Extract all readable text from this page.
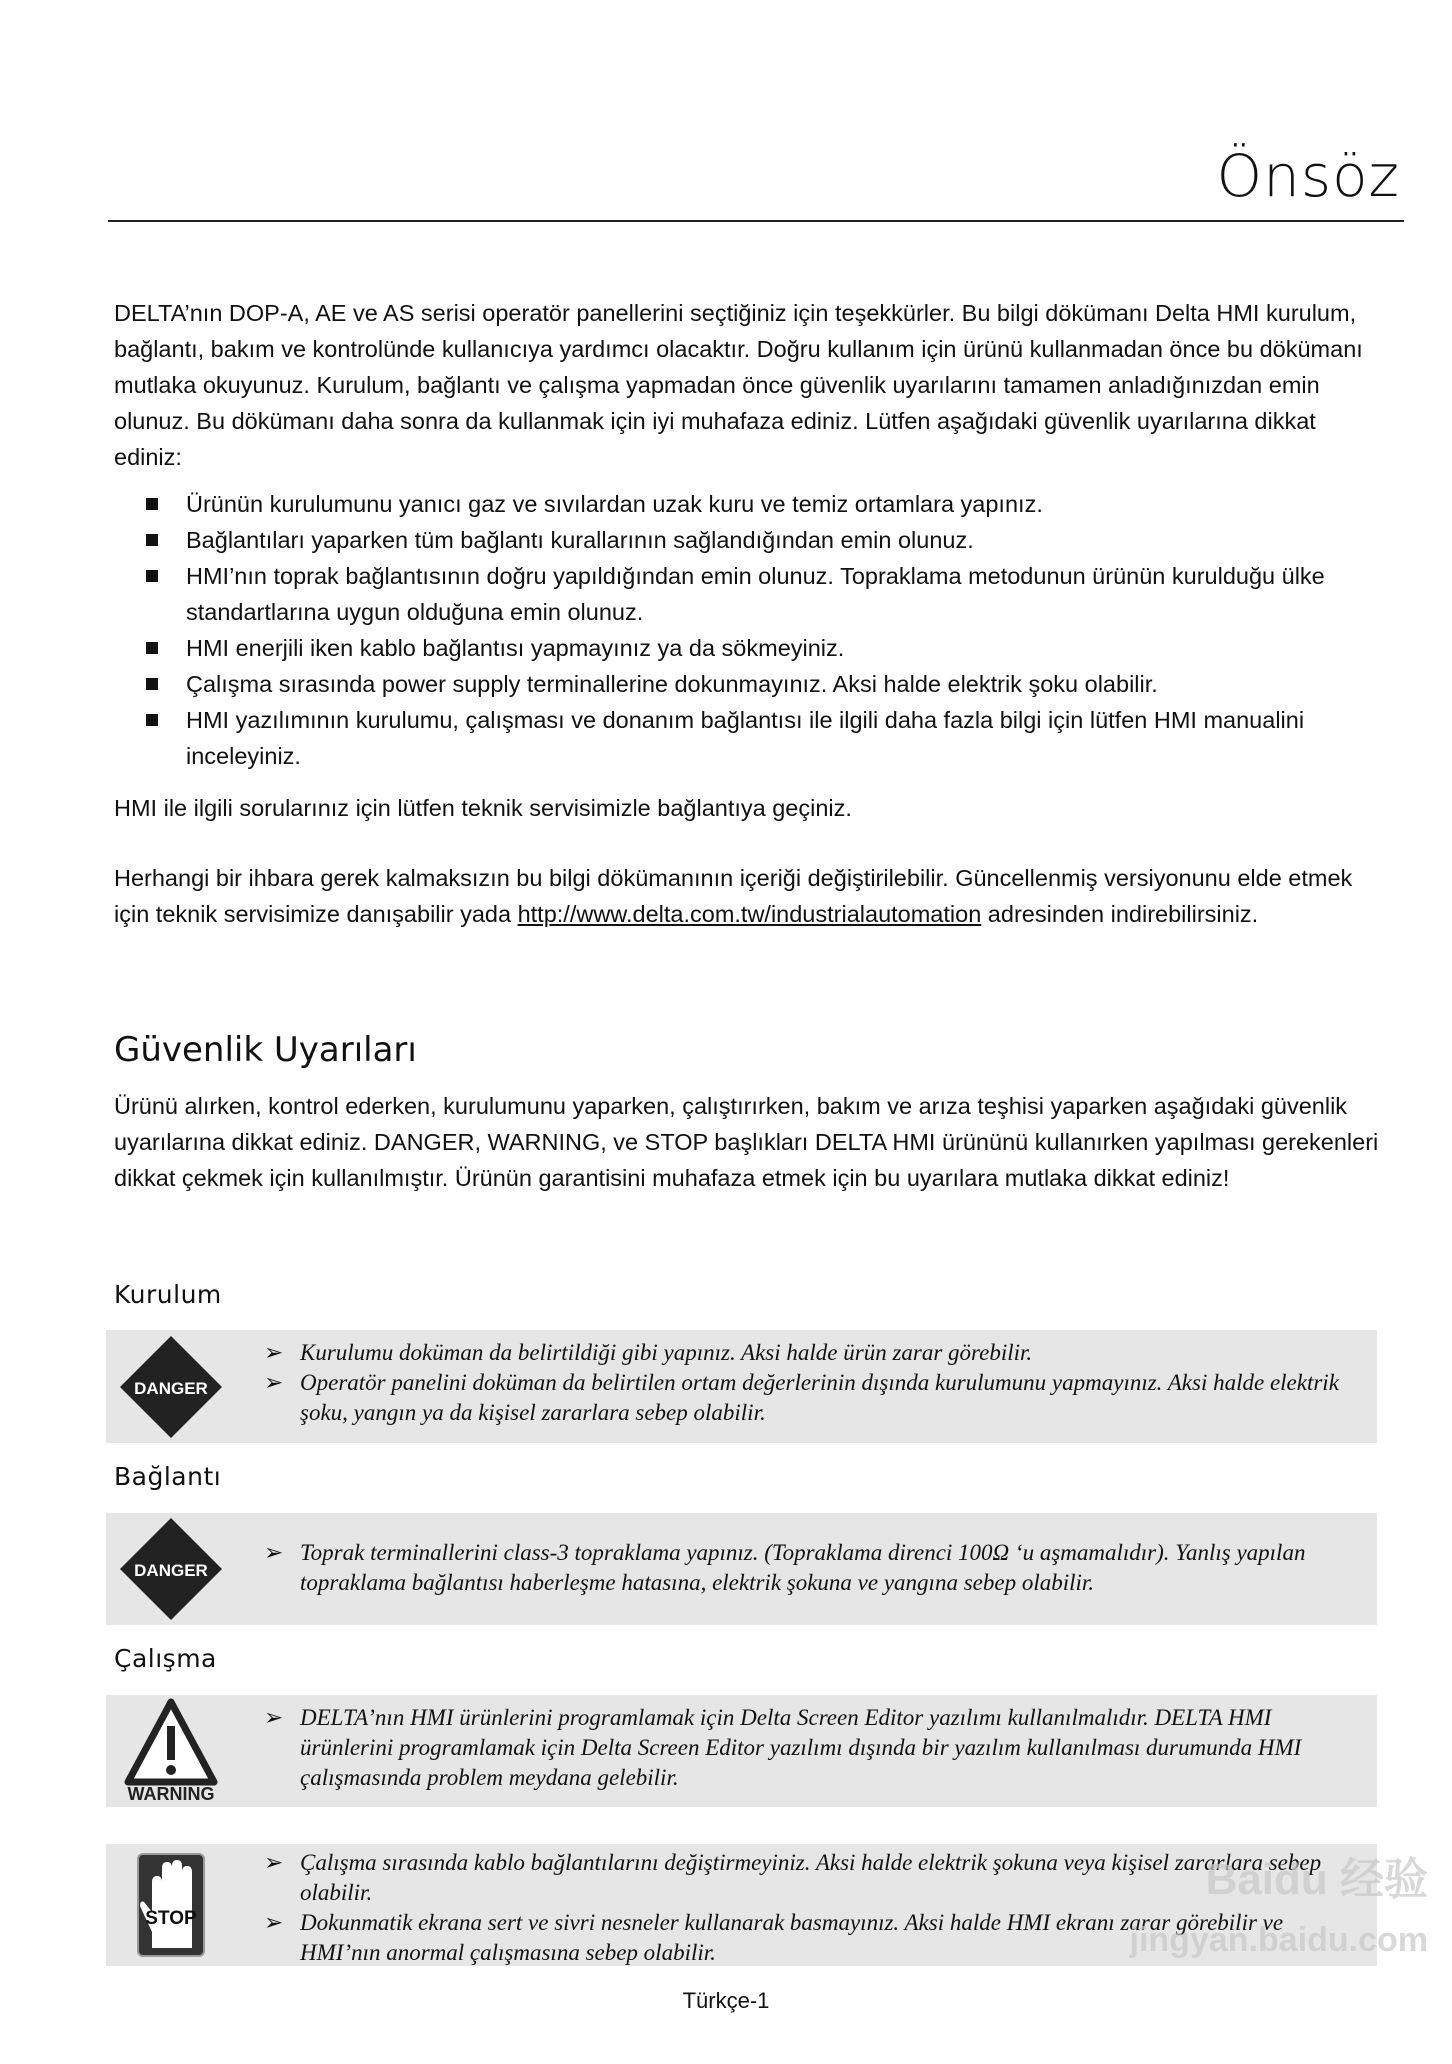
Önsöz
DELTA’nın DOP-A, AE ve AS serisi operatör panellerini seçtiğiniz için teşekkürler. Bu bilgi dökümanı Delta HMI kurulum, bağlantı, bakım ve kontrolünde kullanıcıya yardımcı olacaktır. Doğru kullanım için ürünü kullanmadan önce bu dökümanı mutlaka okuyunuz. Kurulum, bağlantı ve çalışma yapmadan önce güvenlik uyarılarını tamamen anladığınızdan emin olunuz. Bu dökümanı daha sonra da kullanmak için iyi muhafaza ediniz. Lütfen aşağıdaki güvenlik uyarılarına dikkat ediniz:
Ürünün kurulumunu yanıcı gaz ve sıvılardan uzak kuru ve temiz ortamlara yapınız.
Bağlantıları yaparken tüm bağlantı kurallarının sağlandığından emin olunuz.
HMI’nın toprak bağlantısının doğru yapıldığından emin olunuz. Topraklama metodunun ürünün kurulduğu ülke standartlarına uygun olduğuna emin olunuz.
HMI enerjili iken kablo bağlantısı yapmayınız ya da sökmeyiniz.
Çalışma sırasında power supply terminallerine dokunmayınız. Aksi halde elektrik şoku olabilir.
HMI yazılımının kurulumu, çalışması ve donanım bağlantısı ile ilgili daha fazla bilgi için lütfen HMI manualini inceleyiniz.
HMI ile ilgili sorularınız için lütfen teknik servisimizle bağlantıya geçiniz.
Herhangi bir ihbara gerek kalmaksızın bu bilgi dökümanının içeriği değiştirilebilir. Güncellenmiş versiyonunu elde etmek için teknik servisimize danışabilir yada http://www.delta.com.tw/industrialautomation adresinden indirebilirsiniz.
Güvenlik Uyarıları
Ürünü alırken, kontrol ederken, kurulumunu yaparken, çalıştırırken, bakım ve arıza teşhisi yaparken aşağıdaki güvenlik uyarılarına dikkat ediniz. DANGER, WARNING, ve STOP başlıkları DELTA HMI ürününü kullanırken yapılması gerekenleri dikkat çekmek için kullanılmıştır. Ürünün garantisini muhafaza etmek için bu uyarılara mutlaka dikkat ediniz!
Kurulum
DANGER
➢ Kurulumu doküman da belirtildiği gibi yapınız. Aksi halde ürün zarar görebilir.
➢ Operatör panelini doküman da belirtilen ortam değerlerinin dışında kurulumunu yapmayınız. Aksi halde elektrik şoku, yangın ya da kişisel zararlara sebep olabilir.
Bağlantı
DANGER
➢ Toprak terminallerini class-3 topraklama yapınız. (Topraklama direnci 100Ω ‘u aşmamalıdır). Yanlış yapılan topraklama bağlantısı haberleşme hatasına, elektrik şokuna ve yangına sebep olabilir.
Çalışma
WARNING
➢ DELTA’nın HMI ürünlerini programlamak için Delta Screen Editor yazılımı kullanılmalıdır. DELTA HMI ürünlerini programlamak için Delta Screen Editor yazılımı dışında bir yazılım kullanılması durumunda HMI çalışmasında problem meydana gelebilir.
STOP
➢ Çalışma sırasında kablo bağlantılarını değiştirmeyiniz. Aksi halde elektrik şokuna veya kişisel zararlara sebep olabilir.
➢ Dokunmatik ekrana sert ve sivri nesneler kullanarak basmayınız. Aksi halde HMI ekranı zarar görebilir ve HMI’nın anormal çalışmasına sebep olabilir.
Baidu 经验
jingyan.baidu.com
Türkçe-1
